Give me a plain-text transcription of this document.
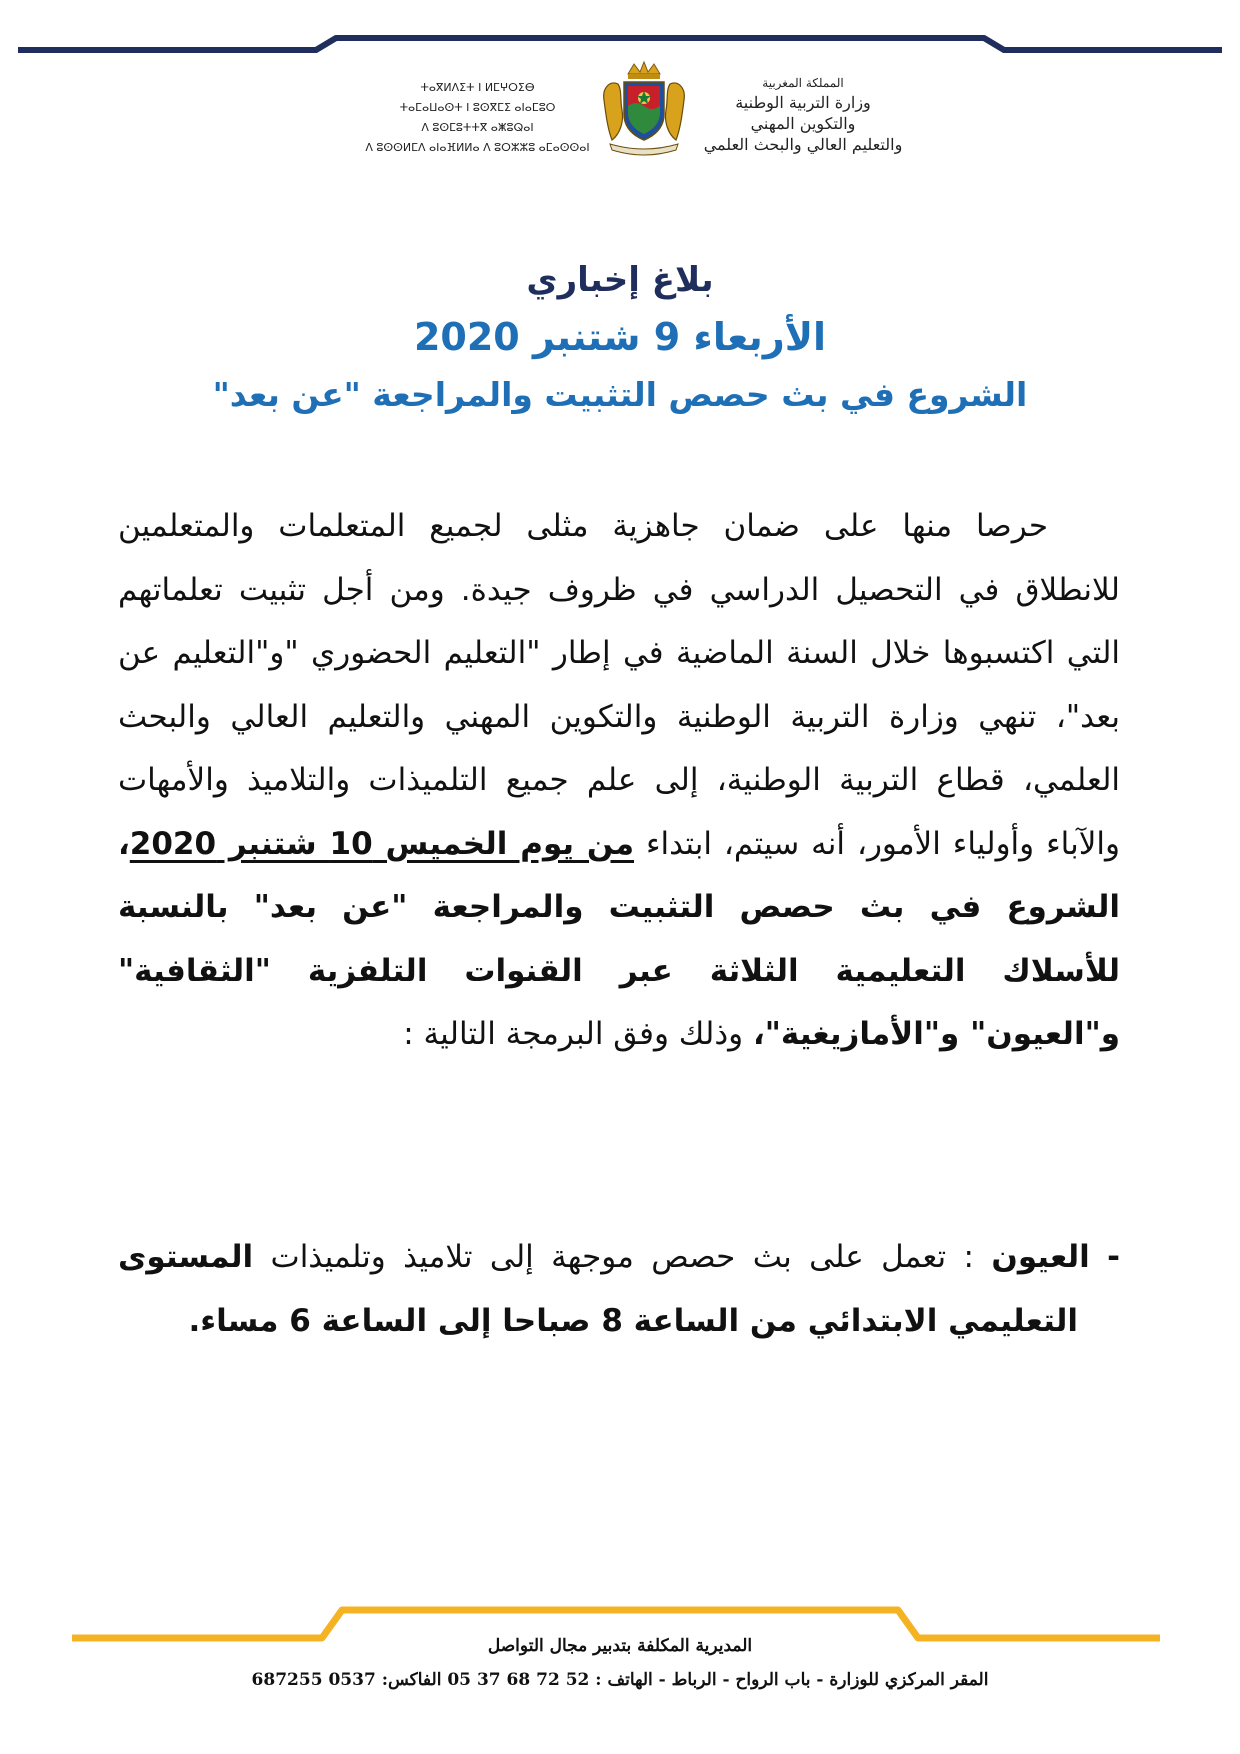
ⵜⴰⴳⵍⴷⵉⵜ ⵏ ⵍⵎⵖⵔⵉⴱ
ⵜⴰⵎⴰⵡⴰⵙⵜ ⵏ ⵓⵙⴳⵎⵉ ⴰⵏⴰⵎⵓⵔ
ⴷ ⵓⵙⵎⵓⵜⵜⴳ ⴰⵥⵓⵕⴰⵏ
ⴷ ⵓⵙⵙⵍⵎⴷ ⴰⵏⴰⴼⵍⵍⴰ ⴷ ⵓⵔⵣⵣⵓ ⴰⵎⴰⵙⵙⴰⵏ
المملكة المغربية
وزارة التربية الوطنية
والتكوين المهني
والتعليم العالي والبحث العلمي
بلاغ إخباري
الأربعاء 9 شتنبر 2020
الشروع في بث حصص التثبيت والمراجعة "عن بعد"

حرصا منها على ضمان جاهزية مثلى لجميع المتعلمات والمتعلمين للانطلاق في التحصيل الدراسي في ظروف جيدة. ومن أجل تثبيت تعلماتهم التي اكتسبوها خلال السنة الماضية في إطار "التعليم الحضوري "و"التعليم عن بعد"، تنهي وزارة التربية الوطنية والتكوين المهني والتعليم العالي والبحث العلمي، قطاع التربية الوطنية، إلى علم جميع التلميذات والتلاميذ والأمهات والآباء وأولياء الأمور، أنه سيتم، ابتداء من يوم الخميس 10 شتنبر 2020، الشروع في بث حصص التثبيت والمراجعة "عن بعد" بالنسبة للأسلاك التعليمية الثلاثة عبر القنوات التلفزية "الثقافية" و"العيون" و"الأمازيغية"، وذلك وفق البرمجة التالية :

- العيون : تعمل على بث حصص موجهة إلى تلاميذ وتلميذات المستوى التعليمي الابتدائي من الساعة 8 صباحا إلى الساعة 6 مساء.

المديرية المكلفة بتدبير مجال التواصل
المقر المركزي للوزارة - باب الرواح - الرباط - الهاتف : 52 72 68 37 05 الفاكس: 0537 687255
